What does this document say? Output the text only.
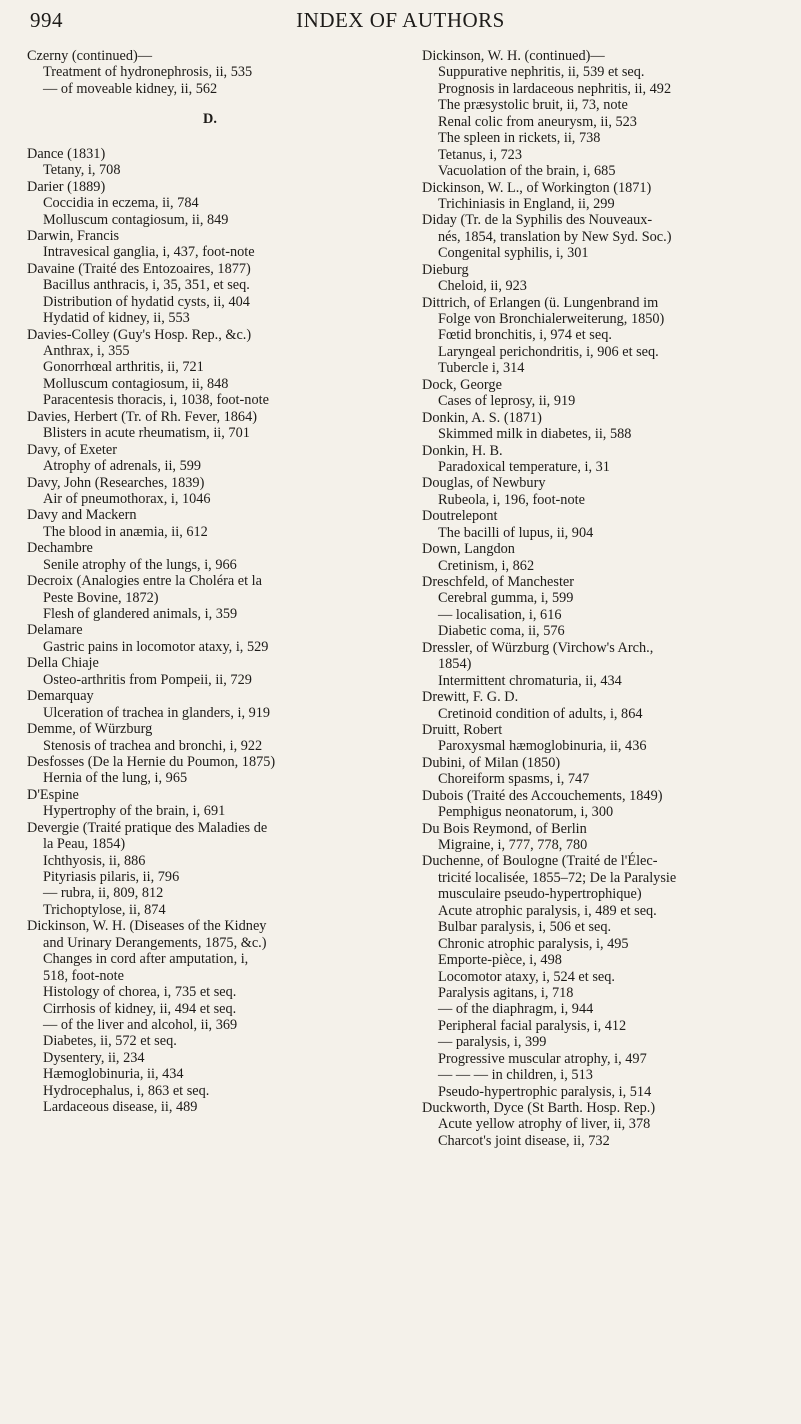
994	INDEX OF AUTHORS
Czerny (continued)—
Treatment of hydronephrosis, ii, 535
— of moveable kidney, ii, 562
D.
Dance (1831)
Tetany, i, 708
Darier (1889)
Coccidia in eczema, ii, 784
Molluscum contagiosum, ii, 849
Darwin, Francis
Intravesical ganglia, i, 437, foot-note
Davaine (Traité des Entozoaires, 1877)
Bacillus anthracis, i, 35, 351, et seq.
Distribution of hydatid cysts, ii, 404
Hydatid of kidney, ii, 553
Davies-Colley (Guy's Hosp. Rep., &c.)
Anthrax, i, 355
Gonorrhœal arthritis, ii, 721
Molluscum contagiosum, ii, 848
Paracentesis thoracis, i, 1038, foot-note
Davies, Herbert (Tr. of Rh. Fever, 1864)
Blisters in acute rheumatism, ii, 701
Davy, of Exeter
Atrophy of adrenals, ii, 599
Davy, John (Researches, 1839)
Air of pneumothorax, i, 1046
Davy and Mackern
The blood in anæmia, ii, 612
Dechambre
Senile atrophy of the lungs, i, 966
Decroix (Analogies entre la Choléra et la
Peste Bovine, 1872)
Flesh of glandered animals, i, 359
Delamare
Gastric pains in locomotor ataxy, i, 529
Della Chiaje
Osteo-arthritis from Pompeii, ii, 729
Demarquay
Ulceration of trachea in glanders, i, 919
Demme, of Würzburg
Stenosis of trachea and bronchi, i, 922
Desfosses (De la Hernie du Poumon, 1875)
Hernia of the lung, i, 965
D'Espine
Hypertrophy of the brain, i, 691
Devergie (Traité pratique des Maladies de
la Peau, 1854)
Ichthyosis, ii, 886
Pityriasis pilaris, ii, 796
— rubra, ii, 809, 812
Trichoptylose, ii, 874
Dickinson, W. H. (Diseases of the Kidney
and Urinary Derangements, 1875, &c.)
Changes in cord after amputation, i,
518, foot-note
Histology of chorea, i, 735 et seq.
Cirrhosis of kidney, ii, 494 et seq.
— of the liver and alcohol, ii, 369
Diabetes, ii, 572 et seq.
Dysentery, ii, 234
Hæmoglobinuria, ii, 434
Hydrocephalus, i, 863 et seq.
Lardaceous disease, ii, 489
Dickinson, W. H. (continued)—
Suppurative nephritis, ii, 539 et seq.
Prognosis in lardaceous nephritis, ii, 492
The præsystolic bruit, ii, 73, note
Renal colic from aneurysm, ii, 523
The spleen in rickets, ii, 738
Tetanus, i, 723
Vacuolation of the brain, i, 685
Dickinson, W. L., of Workington (1871)
Trichiniasis in England, ii, 299
Diday (Tr. de la Syphilis des Nouveaux-
nés, 1854, translation by New Syd. Soc.)
Congenital syphilis, i, 301
Dieburg
Cheloid, ii, 923
Dittrich, of Erlangen (ü. Lungenbrand im
Folge von Bronchialerweiterung, 1850)
Fœtid bronchitis, i, 974 et seq.
Laryngeal perichondritis, i, 906 et seq.
Tubercle i, 314
Dock, George
Cases of leprosy, ii, 919
Donkin, A. S. (1871)
Skimmed milk in diabetes, ii, 588
Donkin, H. B.
Paradoxical temperature, i, 31
Douglas, of Newbury
Rubeola, i, 196, foot-note
Doutrelepont
The bacilli of lupus, ii, 904
Down, Langdon
Cretinism, i, 862
Dreschfeld, of Manchester
Cerebral gumma, i, 599
— localisation, i, 616
Diabetic coma, ii, 576
Dressler, of Würzburg (Virchow's Arch.,
1854)
Intermittent chromaturia, ii, 434
Drewitt, F. G. D.
Cretinoid condition of adults, i, 864
Druitt, Robert
Paroxysmal hæmoglobinuria, ii, 436
Dubini, of Milan (1850)
Choreiform spasms, i, 747
Dubois (Traité des Accouchements, 1849)
Pemphigus neonatorum, i, 300
Du Bois Reymond, of Berlin
Migraine, i, 777, 778, 780
Duchenne, of Boulogne (Traité de l'Élec-
tricité localisée, 1855–72; De la Paralysie
musculaire pseudo-hypertrophique)
Acute atrophic paralysis, i, 489 et seq.
Bulbar paralysis, i, 506 et seq.
Chronic atrophic paralysis, i, 495
Emporte-pièce, i, 498
Locomotor ataxy, i, 524 et seq.
Paralysis agitans, i, 718
— of the diaphragm, i, 944
Peripheral facial paralysis, i, 412
— paralysis, i, 399
Progressive muscular atrophy, i, 497
— — — in children, i, 513
Pseudo-hypertrophic paralysis, i, 514
Duckworth, Dyce (St Barth. Hosp. Rep.)
Acute yellow atrophy of liver, ii, 378
Charcot's joint disease, ii, 732
